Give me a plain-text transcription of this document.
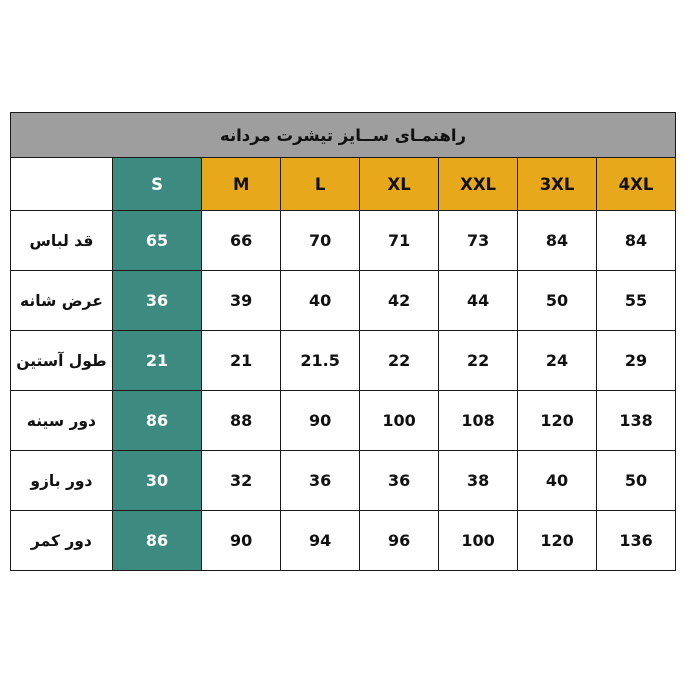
راهنمـای ســایز تیشرت مردانه							
4XL	3XL	XXL	XL	L	M	S	
84	84	73	71	70	66	65	قد لباس
55	50	44	42	40	39	36	عرض شانه
29	24	22	22	21.5	21	21	طول آستین
138	120	108	100	90	88	86	دور سینه
50	40	38	36	36	32	30	دور بازو
136	120	100	96	94	90	86	دور کمر
